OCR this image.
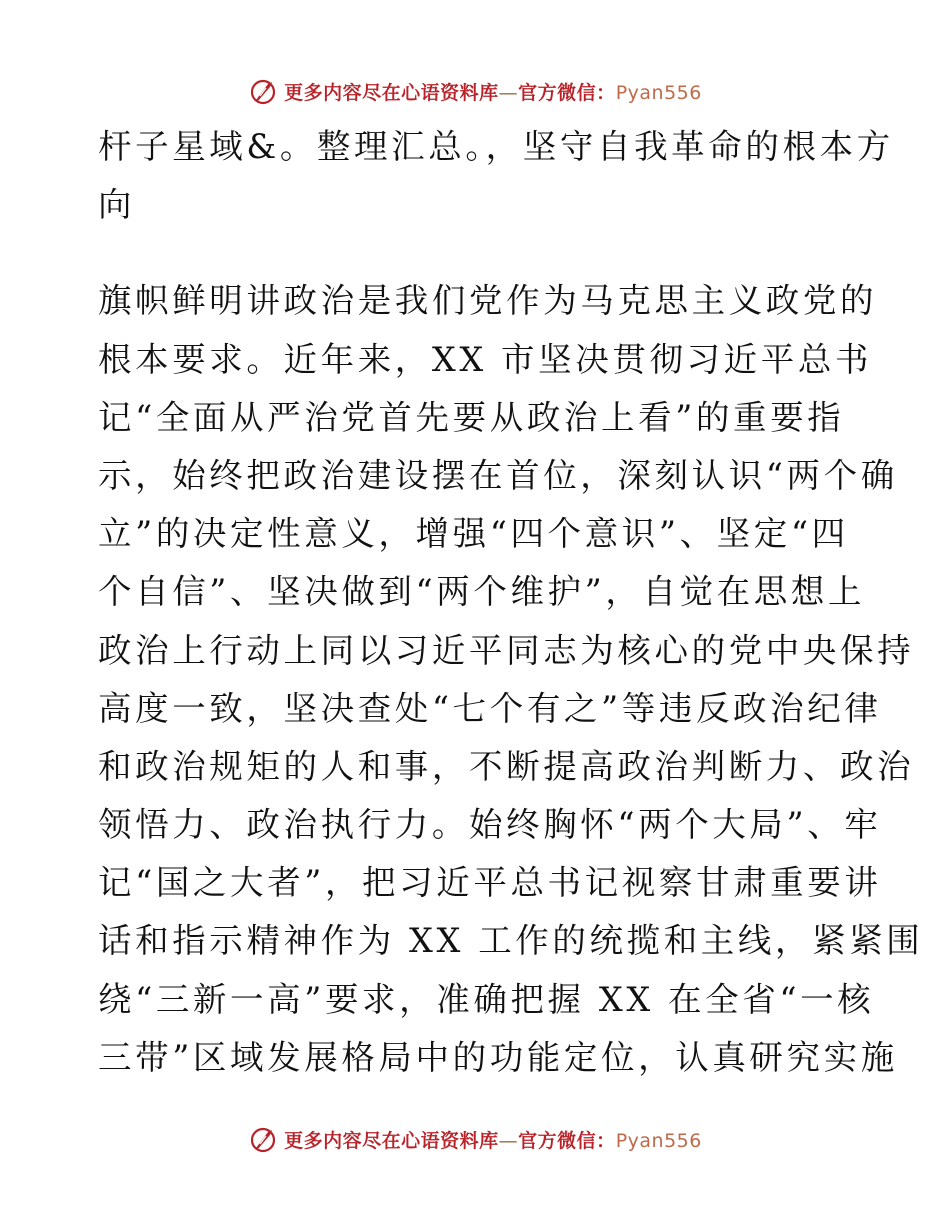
更多内容尽在心语资料库—官方微信：Pyan556
杆子星域&。整理汇总。，坚守自我革命的根本方
向
旗帜鲜明讲政治是我们党作为马克思主义政党的
根本要求。近年来，XX 市坚决贯彻习近平总书
记“全面从严治党首先要从政治上看”的重要指
示，始终把政治建设摆在首位，深刻认识“两个确
立”的决定性意义，增强“四个意识”、坚定“四
个自信”、坚决做到“两个维护”，自觉在思想上
政治上行动上同以习近平同志为核心的党中央保持
高度一致，坚决查处“七个有之”等违反政治纪律
和政治规矩的人和事，不断提高政治判断力、政治
领悟力、政治执行力。始终胸怀“两个大局”、牢
记“国之大者”，把习近平总书记视察甘肃重要讲
话和指示精神作为 XX 工作的统揽和主线，紧紧围
绕“三新一高”要求，准确把握 XX 在全省“一核
三带”区域发展格局中的功能定位，认真研究实施
更多内容尽在心语资料库—官方微信：Pyan556
